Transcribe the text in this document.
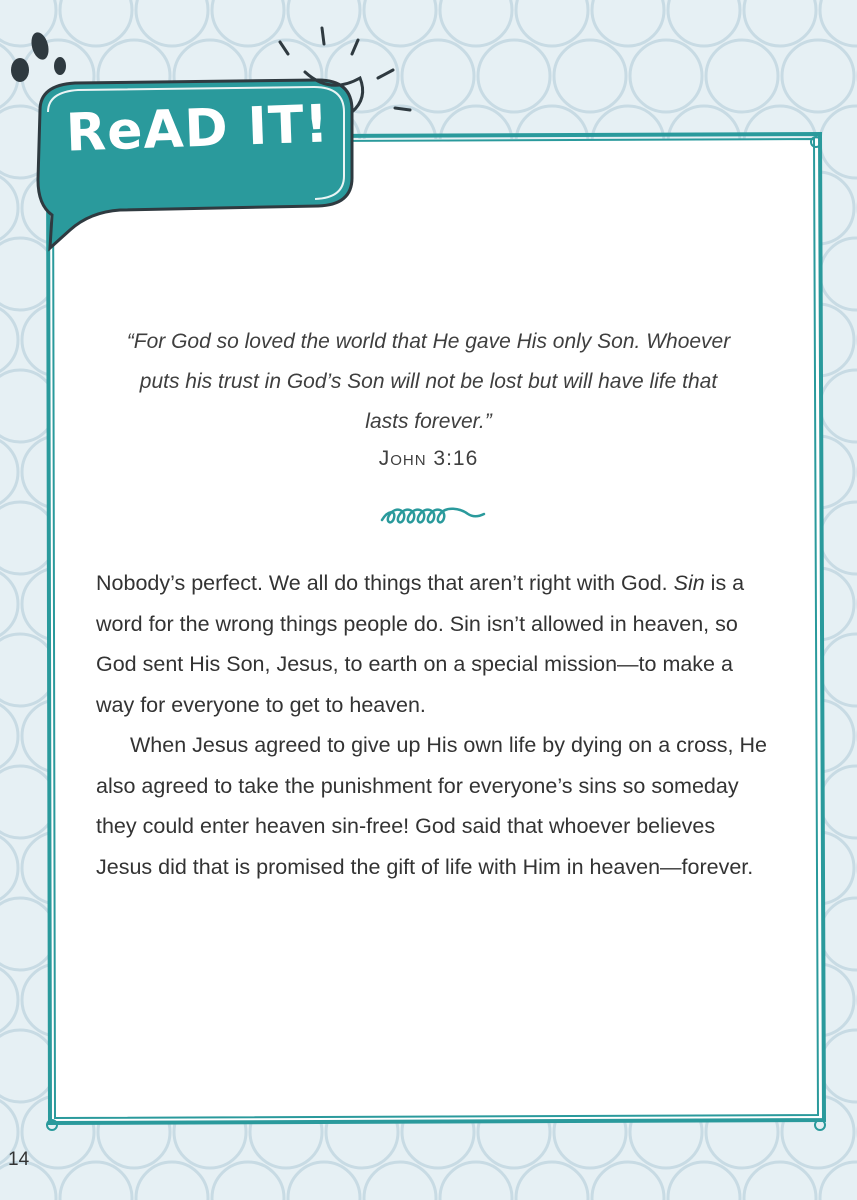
ReAD IT!

“For God so loved the world that He gave His only Son. Whoever puts his trust in God’s Son will not be lost but will have life that lasts forever.”

John 3:16

Nobody’s perfect. We all do things that aren’t right with God. Sin is a word for the wrong things people do. Sin isn’t allowed in heaven, so God sent His Son, Jesus, to earth on a special mission—to make a way for everyone to get to heaven.

When Jesus agreed to give up His own life by dying on a cross, He also agreed to take the punishment for everyone’s sins so someday they could enter heaven sin-free! God said that whoever believes Jesus did that is promised the gift of life with Him in heaven—forever.

14
